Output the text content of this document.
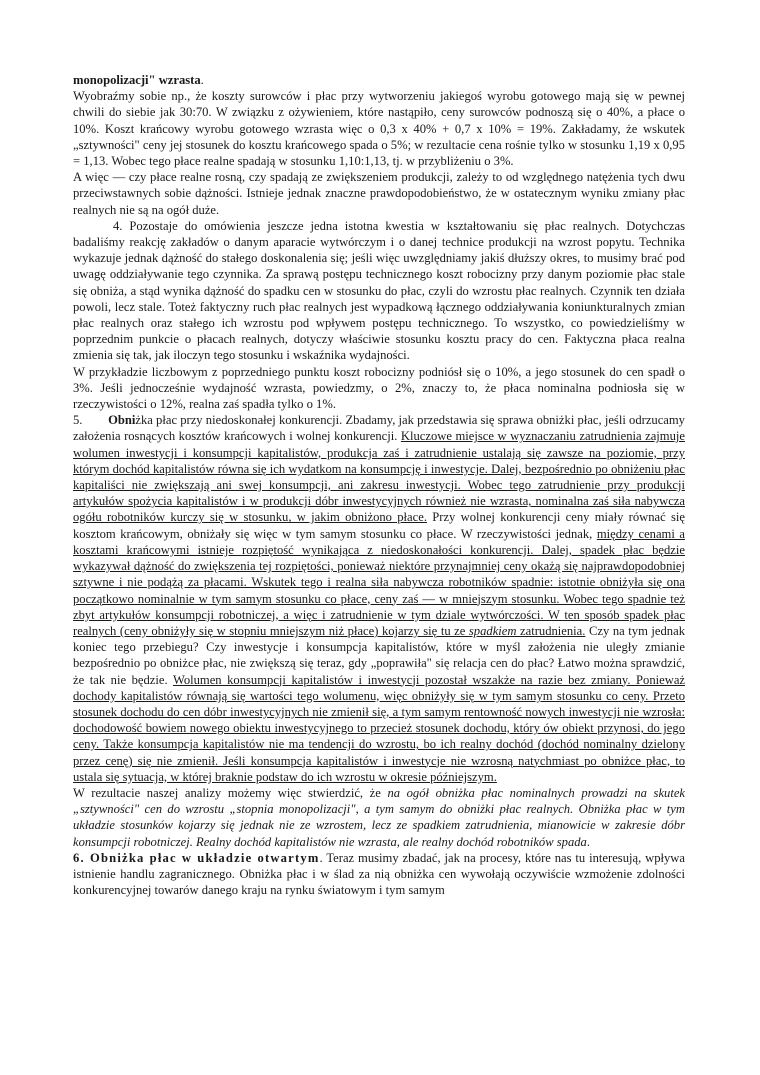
monopolizacji" wzrasta.

Wyobraźmy sobie np., że koszty surowców i płac przy wytworzeniu jakiegoś wyrobu gotowego mają się w pewnej chwili do siebie jak 30:70. W związku z ożywieniem, które nastąpiło, ceny surowców podnoszą się o 40%, a płace o 10%. Koszt krańcowy wyrobu gotowego wzrasta więc o 0,3 x 40% + 0,7 x 10% = 19%. Zakładamy, że wskutek „sztywności" ceny jej stosunek do kosztu krańcowego spada o 5%; w rezultacie cena rośnie tylko w stosunku 1,19 x 0,95 = 1,13. Wobec tego płace realne spadają w stosunku 1,10:1,13, tj. w przybliżeniu o 3%.

A więc — czy płace realne rosną, czy spadają ze zwiększeniem produkcji, zależy to od względnego natężenia tych dwu przeciwstawnych sobie dążności. Istnieje jednak znaczne prawdopodobieństwo, że w ostatecznym wyniku zmiany płac realnych nie są na ogół duże.

4. Pozostaje do omówienia jeszcze jedna istotna kwestia w kształtowaniu się płac realnych. Dotychczas badaliśmy reakcję zakładów o danym aparacie wytwórczym i o danej technice produkcji na wzrost popytu. Technika wykazuje jednak dążność do stałego doskonalenia się; jeśli więc uwzględniamy jakiś dłuższy okres, to musimy brać pod uwagę oddziaływanie tego czynnika. Za sprawą postępu technicznego koszt robocizny przy danym poziomie płac stale się obniża, a stąd wynika dążność do spadku cen w stosunku do płac, czyli do wzrostu płac realnych. Czynnik ten działa powoli, lecz stale. Toteż faktyczny ruch płac realnych jest wypadkową łącznego oddziaływania koniunkturalnych zmian płac realnych oraz stałego ich wzrostu pod wpływem postępu technicznego. To wszystko, co powiedzieliśmy w poprzednim punkcie o płacach realnych, dotyczy właściwie stosunku kosztu pracy do cen. Faktyczna płaca realna zmienia się tak, jak iloczyn tego stosunku i wskaźnika wydajności.

W przykładzie liczbowym z poprzedniego punktu koszt robocizny podniósł się o 10%, a jego stosunek do cen spadł o 3%. Jeśli jednocześnie wydajność wzrasta, powiedzmy, o 2%, znaczy to, że płaca nominalna podniosła się w rzeczywistości o 12%, realna zaś spadła tylko o 1%.

5.        Obniżka płac przy niedoskonałej konkurencji. Zbadamy, jak przedstawia się sprawa obniżki płac, jeśli odrzucamy założenia rosnących kosztów krańcowych i wolnej konkurencji. Kluczowe miejsce w wyznaczaniu zatrudnienia zajmuje wolumen inwestycji i konsumpcji kapitalistów, produkcja zaś i zatrudnienie ustalają się zawsze na poziomie, przy którym dochód kapitalistów równa się ich wydatkom na konsumpcję i inwestycje. Dalej, bezpośrednio po obniżeniu płac kapitaliści nie zwiększają ani swej konsumpcji, ani zakresu inwestycji. Wobec tego zatrudnienie przy produkcji artykułów spożycia kapitalistów i w produkcji dóbr inwestycyjnych również nie wzrasta, nominalna zaś siła nabywcza ogółu robotników kurczy się w stosunku, w jakim obniżono płace. Przy wolnej konkurencji ceny miały równać się kosztom krańcowym, obniżały się więc w tym samym stosunku co płace. W rzeczywistości jednak, między cenami a kosztami krańcowymi istnieje rozpiętość wynikająca z niedoskonałości konkurencji. Dalej, spadek płac będzie wykazywał dążność do zwiększenia tej rozpiętości, ponieważ niektóre przynajmniej ceny okażą się najprawdopodobniej sztywne i nie podążą za płacami. Wskutek tego i realna siła nabywcza robotników spadnie: istotnie obniżyła się ona początkowo nominalnie w tym samym stosunku co płace, ceny zaś — w mniejszym stosunku. Wobec tego spadnie też zbyt artykułów konsumpcji robotniczej, a więc i zatrudnienie w tym dziale wytwórczości. W ten sposób spadek płac realnych (ceny obniżyły się w stopniu mniejszym niż płace) kojarzy się tu ze spadkiem zatrudnienia. Czy na tym jednak koniec tego przebiegu? Czy inwestycje i konsumpcja kapitalistów, które w myśl założenia nie uległy zmianie bezpośrednio po obniżce płac, nie zwiększą się teraz, gdy „poprawiła" się relacja cen do płac? Łatwo można sprawdzić, że tak nie będzie. Wolumen konsumpcji kapitalistów i inwestycji pozostał wszakże na razie bez zmiany. Ponieważ dochody kapitalistów równają się wartości tego wolumenu, więc obniżyły się w tym samym stosunku co ceny. Przeto stosunek dochodu do cen dóbr inwestycyjnych nie zmienił się, a tym samym rentowność nowych inwestycji nie wzrosła: dochodowość bowiem nowego obiektu inwestycyjnego to przecież stosunek dochodu, który ów obiekt przynosi, do jego ceny. Także konsumpcja kapitalistów nie ma tendencji do wzrostu, bo ich realny dochód (dochód nominalny dzielony przez cenę) się nie zmienił. Jeśli konsumpcja kapitalistów i inwestycje nie wzrosną natychmiast po obniżce płac, to ustala się sytuacja, w której braknie podstaw do ich wzrostu w okresie późniejszym.

W rezultacie naszej analizy możemy więc stwierdzić, że na ogół obniżka płac nominalnych prowadzi na skutek „sztywności" cen do wzrostu „stopnia monopolizacji", a tym samym do obniżki płac realnych. Obniżka płac w tym układzie stosunków kojarzy się jednak nie ze wzrostem, lecz ze spadkiem zatrudnienia, mianowicie w zakresie dóbr konsumpcji robotniczej. Realny dochód kapitalistów nie wzrasta, ale realny dochód robotników spada.

6. Obniżka płac w układzie otwartym. Teraz musimy zbadać, jak na procesy, które nas tu interesują, wpływa istnienie handlu zagranicznego. Obniżka płac i w ślad za nią obniżka cen wywołają oczywiście wzmożenie zdolności konkurencyjnej towarów danego kraju na rynku światowym i tym samym
